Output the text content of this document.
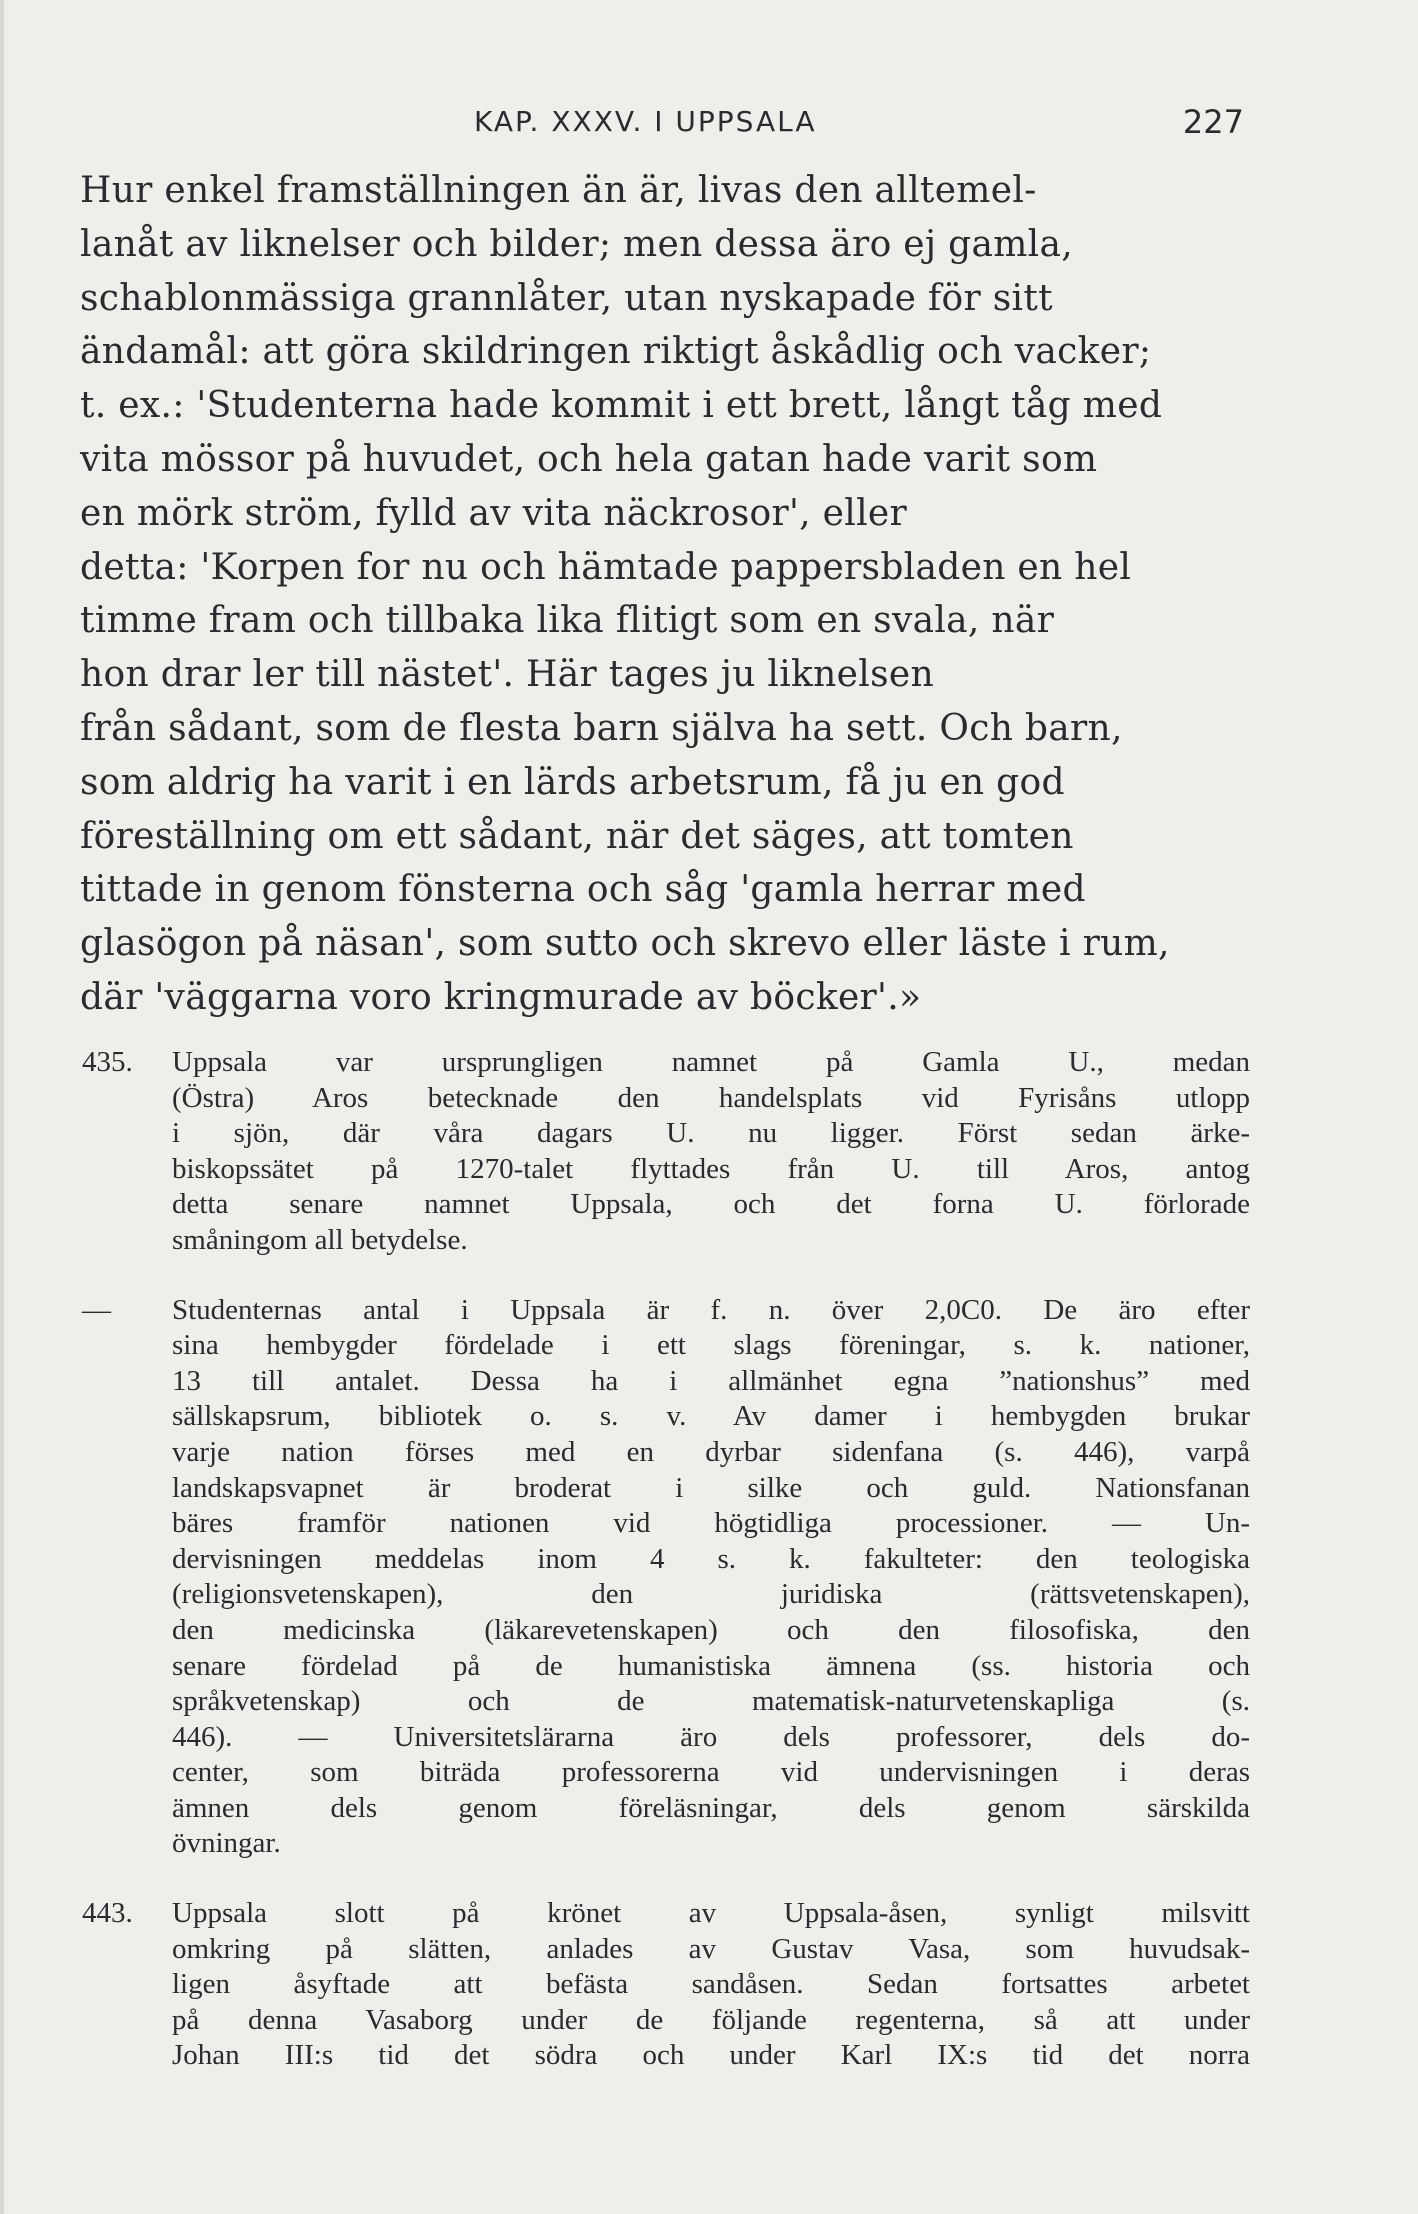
KAP. XXXV. I UPPSALA	227
Hur enkel framställningen än är, livas den alltemel-
lanåt av liknelser och bilder; men dessa äro ej gamla,
schablonmässiga grannlåter, utan nyskapade för sitt
ändamål: att göra skildringen riktigt åskådlig och vacker;
t. ex.: 'Studenterna hade kommit i ett brett, långt tåg med
vita mössor på huvudet, och hela gatan hade varit som
en mörk ström, fylld av vita näckrosor', eller
detta: 'Korpen for nu och hämtade pappersbladen en hel
timme fram och tillbaka lika flitigt som en svala, när
hon drar ler till nästet'. Här tages ju liknelsen
från sådant, som de flesta barn själva ha sett. Och barn,
som aldrig ha varit i en lärds arbetsrum, få ju en god
föreställning om ett sådant, när det säges, att tomten
tittade in genom fönsterna och såg 'gamla herrar med
glasögon på näsan', som sutto och skrevo eller läste i rum,
där 'väggarna voro kringmurade av böcker'.»
435.	Uppsala var ursprungligen namnet på Gamla U., medan
(Östra) Aros betecknade den handelsplats vid Fyrisåns utlopp
i sjön, där våra dagars U. nu ligger. Först sedan ärke-
biskopssätet på 1270-talet flyttades från U. till Aros, antog
detta senare namnet Uppsala, och det forna U. förlorade
småningom all betydelse.
—	Studenternas antal i Uppsala är f. n. över 2,0C0. De äro efter
sina hembygder fördelade i ett slags föreningar, s. k. nationer,
13 till antalet. Dessa ha i allmänhet egna ”nationshus” med
sällskapsrum, bibliotek o. s. v. Av damer i hembygden brukar
varje nation förses med en dyrbar sidenfana (s. 446), varpå
landskapsvapnet är broderat i silke och guld. Nationsfanan
bäres framför nationen vid högtidliga processioner. — Un-
dervisningen meddelas inom 4 s. k. fakulteter: den teologiska
(religionsvetenskapen), den juridiska (rättsvetenskapen),
den medicinska (läkarevetenskapen) och den filosofiska, den
senare fördelad på de humanistiska ämnena (ss. historia och
språkvetenskap) och de matematisk-naturvetenskapliga (s.
446). — Universitetslärarna äro dels professorer, dels do-
center, som biträda professorerna vid undervisningen i deras
ämnen dels genom föreläsningar, dels genom särskilda
övningar.
443.	Uppsala slott på krönet av Uppsala-åsen, synligt milsvitt
omkring på slätten, anlades av Gustav Vasa, som huvudsak-
ligen åsyftade att befästa sandåsen. Sedan fortsattes arbetet
på denna Vasaborg under de följande regenterna, så att under
Johan III:s tid det södra och under Karl IX:s tid det norra
